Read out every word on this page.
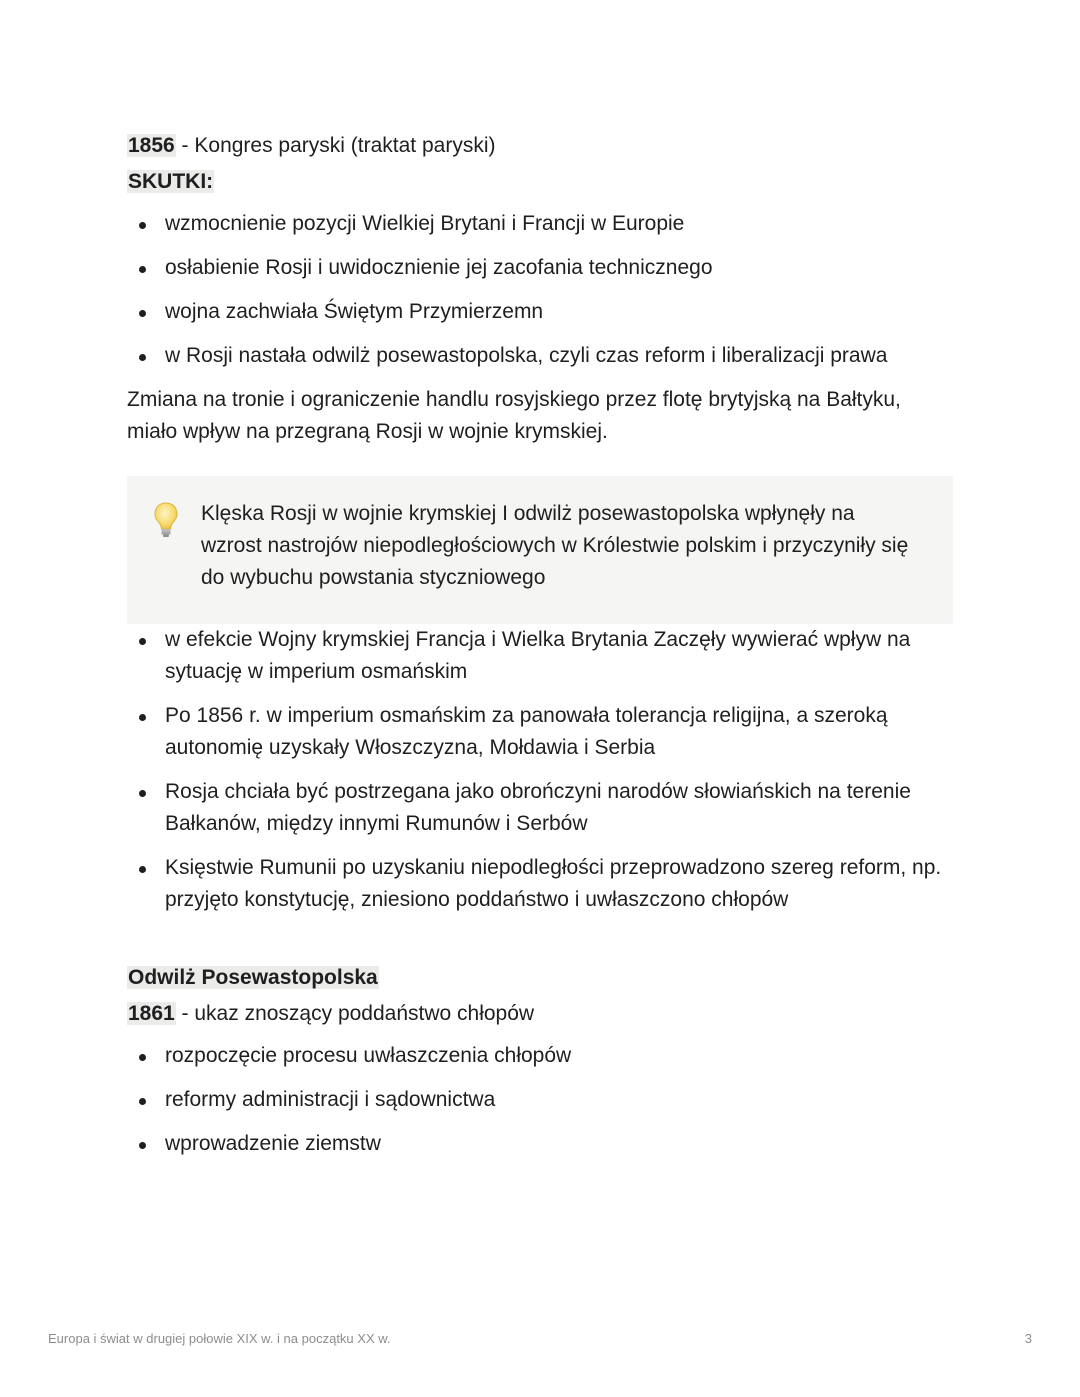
1856 - Kongres paryski (traktat paryski)

SKUTKI:

wzmocnienie pozycji Wielkiej Brytani i Francji w Europie
osłabienie Rosji i uwidocznienie jej zacofania technicznego
wojna zachwiała Świętym Przymierzemn
w Rosji nastała odwilż posewastopolska, czyli czas reform i liberalizacji prawa

Zmiana na tronie i ograniczenie handlu rosyjskiego przez flotę brytyjską na Bałtyku, miało wpływ na przegraną Rosji w wojnie krymskiej.

Klęska Rosji w wojnie krymskiej I odwilż posewastopolska wpłynęły na wzrost nastrojów niepodległościowych w Królestwie polskim i przyczyniły się do wybuchu powstania styczniowego

w efekcie Wojny krymskiej Francja i Wielka Brytania Zaczęły wywierać wpływ na sytuację w imperium osmańskim
Po 1856 r. w imperium osmańskim za panowała tolerancja religijna, a szeroką autonomię uzyskały Włoszczyzna, Mołdawia i Serbia
Rosja chciała być postrzegana jako obrończyni narodów słowiańskich na terenie Bałkanów, między innymi Rumunów i Serbów
Księstwie Rumunii po uzyskaniu niepodległości przeprowadzono szereg reform, np. przyjęto konstytucję, zniesiono poddaństwo i uwłaszczono chłopów

Odwilż Posewastopolska

1861 - ukaz znoszący poddaństwo chłopów

rozpoczęcie procesu uwłaszczenia chłopów
reformy administracji i sądownictwa
wprowadzenie ziemstw
Europa i świat w drugiej połowie XIX w. i na początku XX w.	3
